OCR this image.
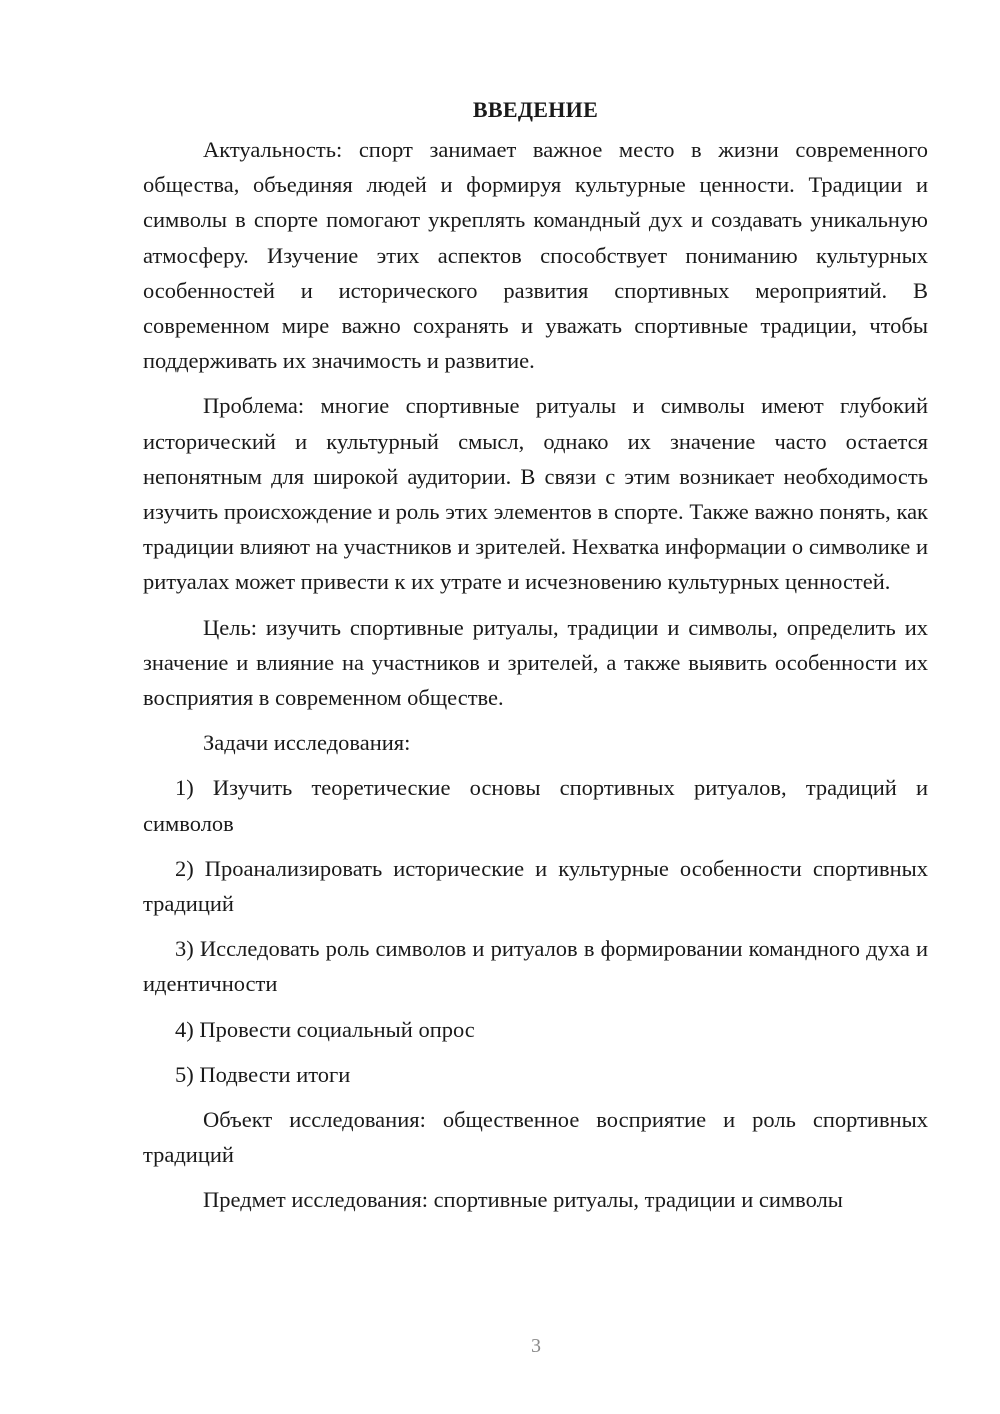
ВВЕДЕНИЕ

Актуальность: спорт занимает важное место в жизни современного общества, объединяя людей и формируя культурные ценности. Традиции и символы в спорте помогают укреплять командный дух и создавать уникальную атмосферу. Изучение этих аспектов способствует пониманию культурных особенностей и исторического развития спортивных мероприятий. В современном мире важно сохранять и уважать спортивные традиции, чтобы поддерживать их значимость и развитие.

Проблема: многие спортивные ритуалы и символы имеют глубокий исторический и культурный смысл, однако их значение часто остается непонятным для широкой аудитории. В связи с этим возникает необходимость изучить происхождение и роль этих элементов в спорте. Также важно понять, как традиции влияют на участников и зрителей. Нехватка информации о символике и ритуалах может привести к их утрате и исчезновению культурных ценностей.

Цель: изучить спортивные ритуалы, традиции и символы, определить их значение и влияние на участников и зрителей, а также выявить особенности их восприятия в современном обществе.

Задачи исследования:

1) Изучить теоретические основы спортивных ритуалов, традиций и символов

2) Проанализировать исторические и культурные особенности спортивных традиций

3) Исследовать роль символов и ритуалов в формировании командного духа и идентичности

4) Провести социальный опрос

5) Подвести итоги

Объект исследования: общественное восприятие и роль спортивных традиций

Предмет исследования: спортивные ритуалы, традиции и символы

3
